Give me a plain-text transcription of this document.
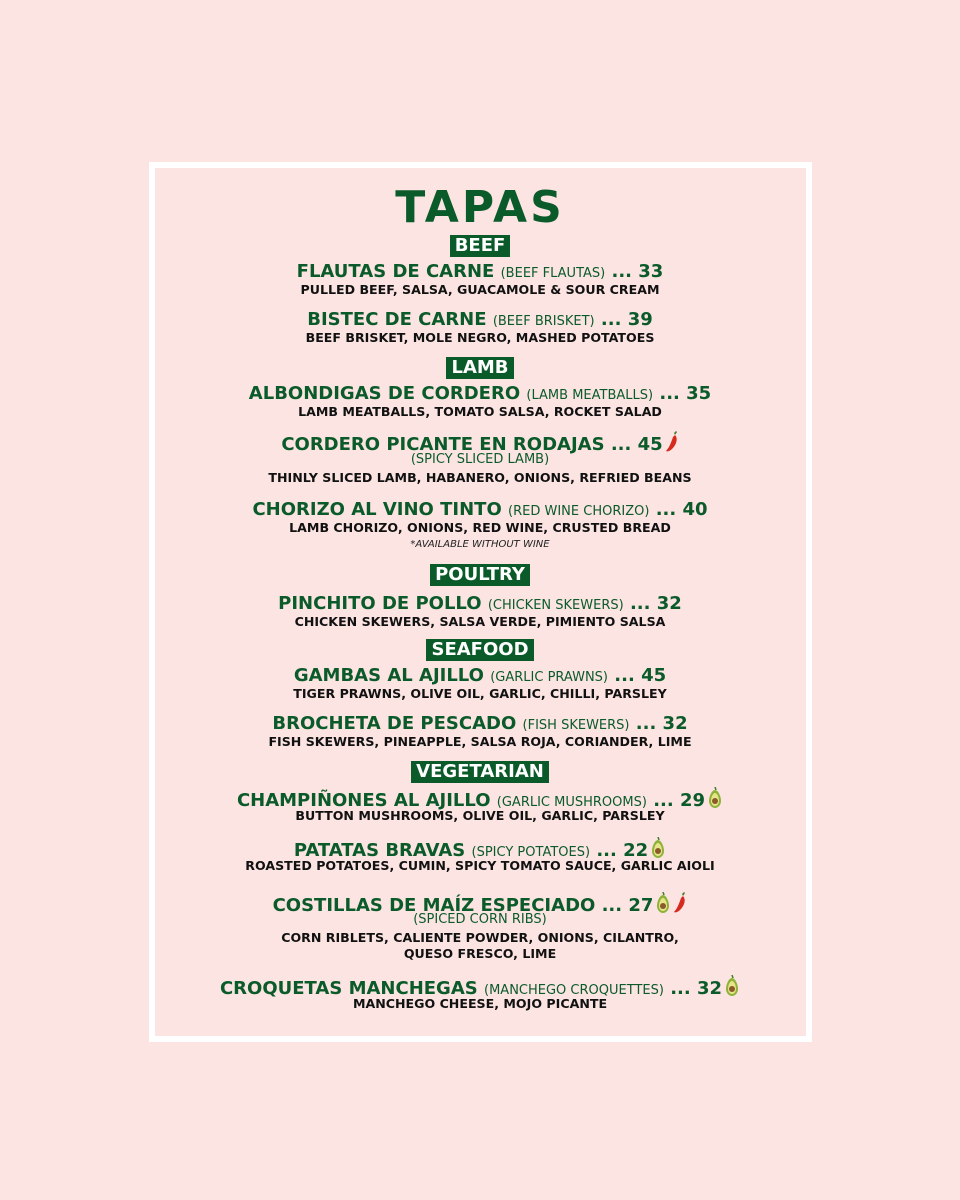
TAPAS
BEEF
FLAUTAS DE CARNE (BEEF FLAUTAS) ... 33
PULLED BEEF, SALSA, GUACAMOLE & SOUR CREAM
BISTEC DE CARNE (BEEF BRISKET) ... 39
BEEF BRISKET, MOLE NEGRO, MASHED POTATOES
LAMB
ALBONDIGAS DE CORDERO (LAMB MEATBALLS) ... 35
LAMB MEATBALLS, TOMATO SALSA, ROCKET SALAD
CORDERO PICANTE EN RODAJAS ... 45
(SPICY SLICED LAMB)
THINLY SLICED LAMB, HABANERO, ONIONS, REFRIED BEANS
CHORIZO AL VINO TINTO (RED WINE CHORIZO) ... 40
LAMB CHORIZO, ONIONS, RED WINE, CRUSTED BREAD
*AVAILABLE WITHOUT WINE
POULTRY
PINCHITO DE POLLO (CHICKEN SKEWERS) ... 32
CHICKEN SKEWERS, SALSA VERDE, PIMIENTO SALSA
SEAFOOD
GAMBAS AL AJILLO (GARLIC PRAWNS) ... 45
TIGER PRAWNS, OLIVE OIL, GARLIC, CHILLI, PARSLEY
BROCHETA DE PESCADO (FISH SKEWERS) ... 32
FISH SKEWERS, PINEAPPLE, SALSA ROJA, CORIANDER, LIME
VEGETARIAN
CHAMPIÑONES AL AJILLO (GARLIC MUSHROOMS) ... 29
BUTTON MUSHROOMS, OLIVE OIL, GARLIC, PARSLEY
PATATAS BRAVAS (SPICY POTATOES) ... 22
ROASTED POTATOES, CUMIN, SPICY TOMATO SAUCE, GARLIC AIOLI
COSTILLAS DE MAÍZ ESPECIADO ... 27
(SPICED CORN RIBS)
CORN RIBLETS, CALIENTE POWDER, ONIONS, CILANTRO,
QUESO FRESCO, LIME
CROQUETAS MANCHEGAS (MANCHEGO CROQUETTES) ... 32
MANCHEGO CHEESE, MOJO PICANTE
